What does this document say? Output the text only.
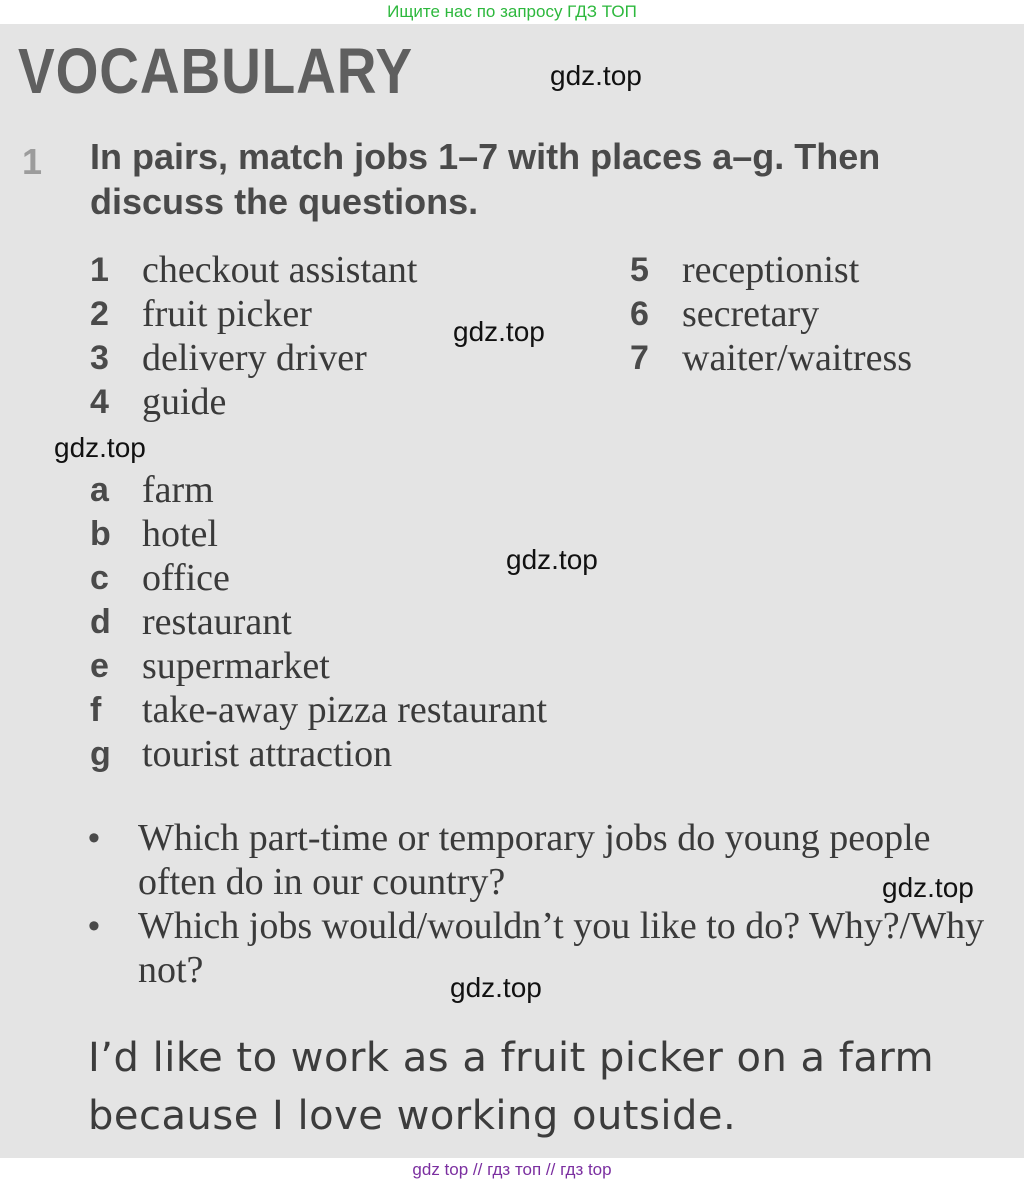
Ищите нас по запросу ГДЗ ТОП
VOCABULARY
1 In pairs, match jobs 1–7 with places a–g. Then discuss the questions.
1 checkout assistant
2 fruit picker
3 delivery driver
4 guide
5 receptionist
6 secretary
7 waiter/waitress
a farm
b hotel
c office
d restaurant
e supermarket
f take-away pizza restaurant
g tourist attraction
• Which part-time or temporary jobs do young people often do in our country?
• Which jobs would/wouldn’t you like to do? Why?/Why not?
I’d like to work as a fruit picker on a farm because I love working outside.
gdz.top
gdz.top
gdz.top
gdz.top
gdz.top
gdz.top
gdz top // гдз топ // гдз top
